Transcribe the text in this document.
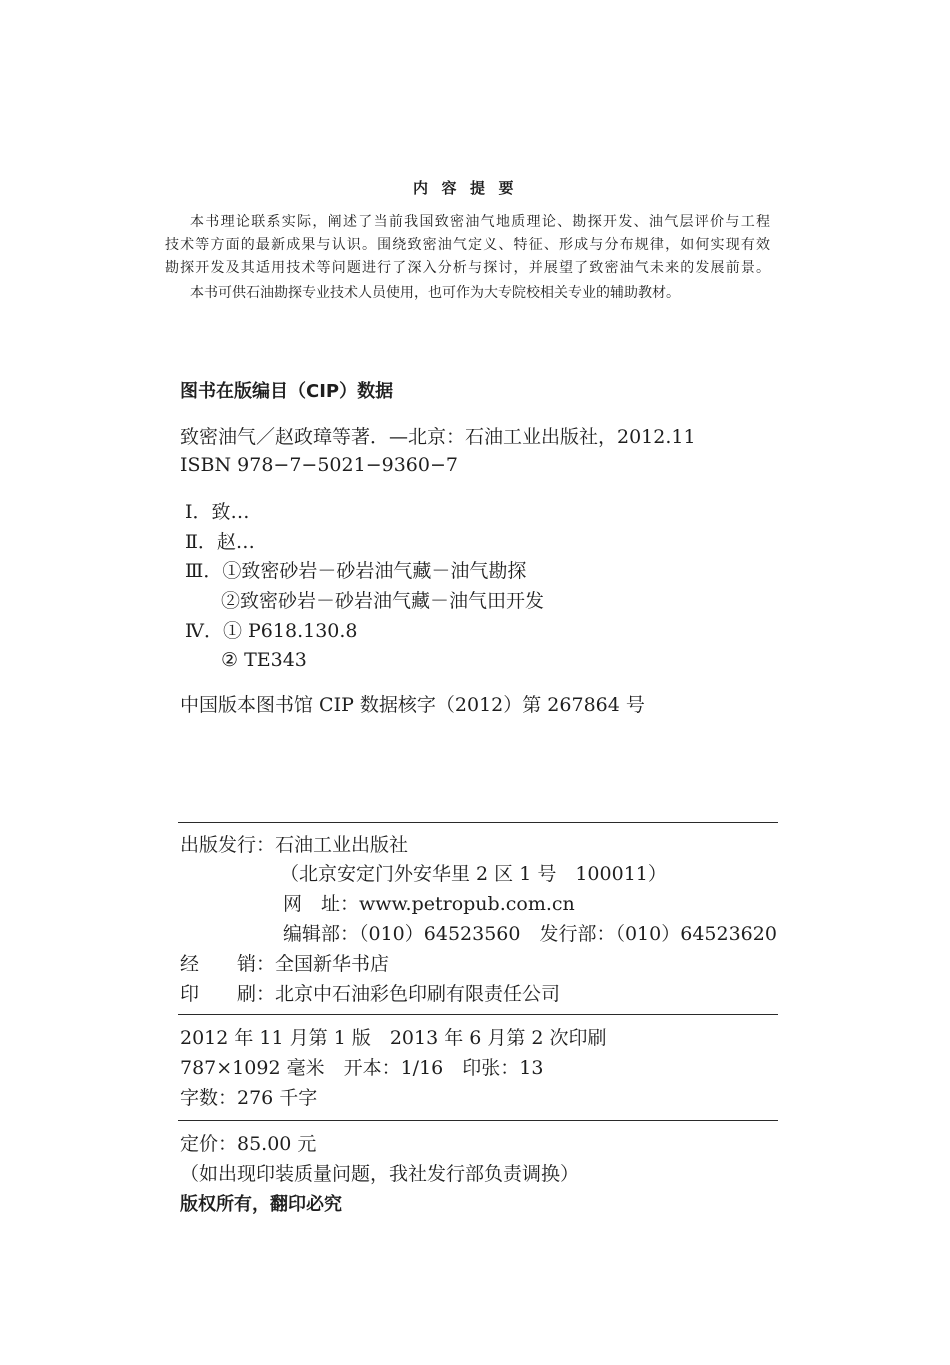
内容提要
本书理论联系实际，阐述了当前我国致密油气地质理论、勘探开发、油气层评价与工程
技术等方面的最新成果与认识。围绕致密油气定义、特征、形成与分布规律，如何实现有效
勘探开发及其适用技术等问题进行了深入分析与探讨，并展望了致密油气未来的发展前景。
本书可供石油勘探专业技术人员使用，也可作为大专院校相关专业的辅助教材。
图书在版编目（CIP）数据
致密油气／赵政璋等著．—北京：石油工业出版社，2012.11
ISBN 978−7−5021−9360−7
Ⅰ．致…
Ⅱ．赵…
Ⅲ．①致密砂岩－砂岩油气藏－油气勘探
②致密砂岩－砂岩油气藏－油气田开发
Ⅳ．① P618.130.8
② TE343
中国版本图书馆 CIP 数据核字（2012）第 267864 号
出版发行：石油工业出版社
（北京安定门外安华里 2 区 1 号　100011）
网　址：www.petropub.com.cn
编辑部：（010）64523560　发行部：（010）64523620
经　　销：全国新华书店
印　　刷：北京中石油彩色印刷有限责任公司
2012 年 11 月第 1 版　2013 年 6 月第 2 次印刷
787×1092 毫米　开本：1/16　印张：13
字数：276 千字
定价：85.00 元
（如出现印装质量问题，我社发行部负责调换）
版权所有，翻印必究
